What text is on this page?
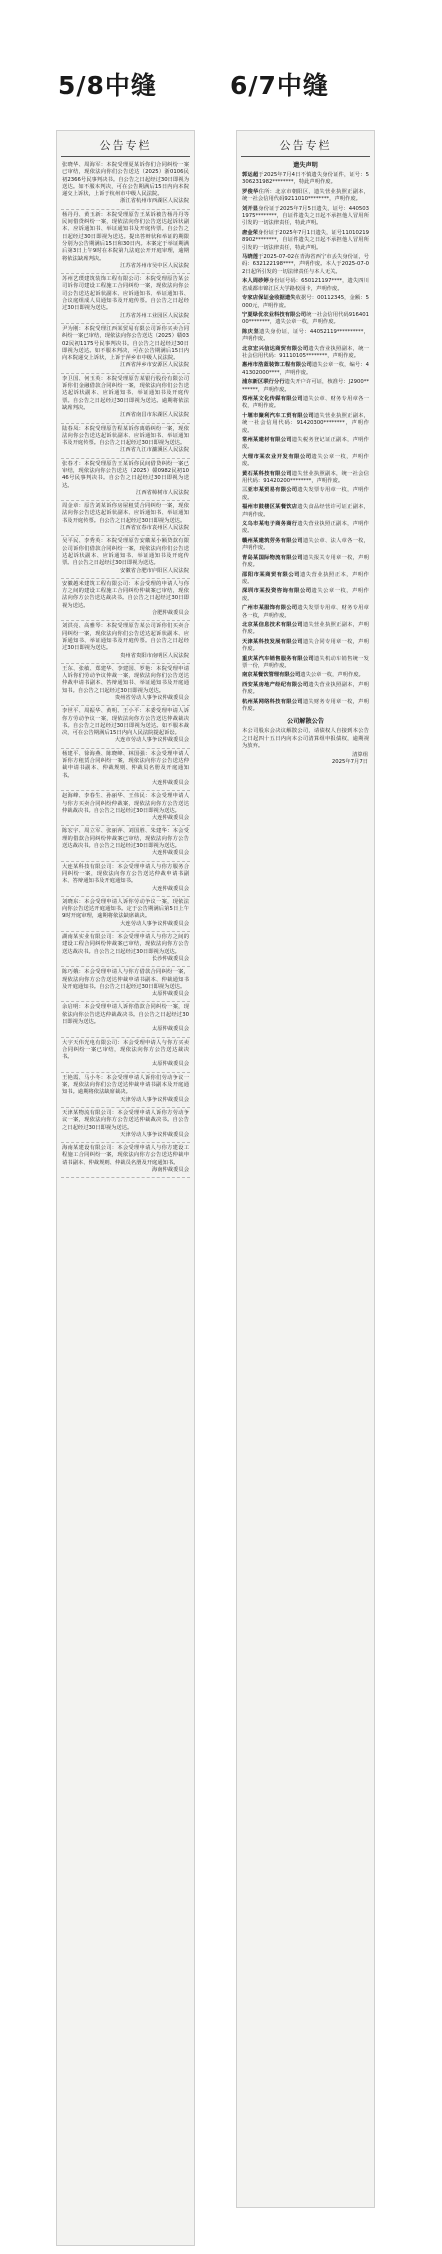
5/8中缝	6/7中缝
公告专栏
张晓华、周海军：本院受理夏某诉你们合同纠纷一案已审结，现依法向你们公告送达（2025）浙0106民初2366号民事判决书。自公告之日起经过30日即视为送达。如不服本判决，可在公告期满后15日内向本院递交上诉状，上诉于杭州市中级人民法院。
浙江省杭州市西湖区人民法院
杨丹丹、黄玉新：本院受理原告王某诉被告杨丹丹等民间借贷纠纷一案，现依法向你们公告送达起诉状副本、应诉通知书、举证通知书及开庭传票。自公告之日起经过30日即视为送达。提出答辩状和举证的期限分别为公告期满后15日和30日内。本案定于举证期满后第3日上午9时在本院第九法庭公开开庭审理，逾期将依法缺席判决。
江苏省苏州市吴中区人民法院
苏州艺璞建筑装饰工程有限公司：本院受理原告某公司诉你司建设工程施工合同纠纷一案，现依法向你公司公告送达起诉状副本、应诉通知书、举证通知书、合议庭组成人员通知书及开庭传票。自公告之日起经过30日即视为送达。
江苏省苏州工业园区人民法院
尹为刚：本院受理江西某贸易有限公司诉你买卖合同纠纷一案已审结，现依法向你公告送达（2025）赣0302民初1175号民事判决书。自公告之日起经过30日即视为送达。如不服本判决，可在公告期满后15日内向本院递交上诉状，上诉于萍乡市中级人民法院。
江西省萍乡市安源区人民法院
李卫国、何玉英：本院受理原告某银行股份有限公司诉你们金融借款合同纠纷一案，现依法向你们公告送达起诉状副本、应诉通知书、举证通知书及开庭传票。自公告之日起经过30日即视为送达。逾期将依法缺席判决。
江西省南昌市东湖区人民法院
陆春凤：本院受理原告程某诉你离婚纠纷一案，现依法向你公告送达起诉状副本、应诉通知书、举证通知书及开庭传票。自公告之日起经过30日即视为送达。
江西省九江市濂溪区人民法院
张春才：本院受理原告王某诉你民间借贷纠纷一案已审结，现依法向你公告送达（2025）赣0982民初1046号民事判决书。自公告之日起经过30日即视为送达。
江西省樟树市人民法院
周金章：原告刘某诉你房屋租赁合同纠纷一案，现依法向你公告送达起诉状副本、应诉通知书、举证通知书及开庭传票。自公告之日起经过30日即视为送达。
江西省宜春市袁州区人民法院
吴平民、李秀英：本院受理原告安徽某小额贷款有限公司诉你们借款合同纠纷一案，现依法向你们公告送达起诉状副本、应诉通知书、举证通知书及开庭传票。自公告之日起经过30日即视为送达。
安徽省合肥市庐阳区人民法院
安徽越米建筑工程有限公司：本会受理的申请人与你方之间的建设工程施工合同纠纷仲裁案已审结，现依法向你方公告送达裁决书。自公告之日起经过30日即视为送达。
合肥仲裁委员会
刘洪亮、高雅琴：本院受理原告某公司诉你们买卖合同纠纷一案，现依法向你们公告送达起诉状副本、应诉通知书、举证通知书及开庭传票。自公告之日起经过30日即视为送达。
贵州省贵阳市南明区人民法院
王东、张敏、郑建华、李建国、罗艳：本院受理申请人诉你们劳动争议仲裁一案，现依法向你们公告送达仲裁申请书副本、答辩通知书、举证通知书及开庭通知书。自公告之日起经过30日即视为送达。
贵州省劳动人事争议仲裁委员会
李世平、周振华、黄明、王小平：本委受理申请人诉你方劳动争议一案，现依法向你方公告送达仲裁裁决书。自公告之日起经过30日即视为送达。如不服本裁决，可在公告期满后15日内向人民法院提起诉讼。
大连市劳动人事争议仲裁委员会
杨建平、徐海燕、陈晓峰、林国强：本会受理申请人诉你方租赁合同纠纷一案，现依法向你方公告送达仲裁申请书副本、仲裁规则、仲裁员名册及开庭通知书。
大连仲裁委员会
赵海峰、李春生、孙丽华、王伟民：本会受理申请人与你方买卖合同纠纷仲裁案，现依法向你方公告送达仲裁裁决书。自公告之日起经过30日即视为送达。
大连仲裁委员会
陈宏宇、周立军、张丽萍、刘国胜、朱建华：本会受理的借款合同纠纷仲裁案已审结，现依法向你方公告送达裁决书。自公告之日起经过30日即视为送达。
大连仲裁委员会
大连某科技有限公司：本会受理申请人与你方服务合同纠纷一案，现依法向你方公告送达仲裁申请书副本、答辩通知书及开庭通知书。
大连仲裁委员会
刘晓东：本会受理申请人诉你劳动争议一案，现依法向你公告送达开庭通知书。定于公告期满后第5日上午9时开庭审理，逾期将依法缺席裁决。
大连劳动人事争议仲裁委员会
湖南某实业有限公司：本会受理申请人与你方之间的建设工程合同纠纷仲裁案已审结，现依法向你方公告送达裁决书。自公告之日起经过30日即视为送达。
长沙仲裁委员会
陈巧娥：本会受理申请人与你方借款合同纠纷一案，现依法向你方公告送达仲裁申请书副本、仲裁通知书及开庭通知书。自公告之日起经过30日即视为送达。
太原仲裁委员会
余启明：本会受理申请人诉你借款合同纠纷一案，现依法向你公告送达仲裁裁决书。自公告之日起经过30日即视为送达。
太原仲裁委员会
大宇天伟光电有限公司：本会受理申请人与你方买卖合同纠纷一案已审结，现依法向你方公告送达裁决书。
太原仲裁委员会
王艳霞、马小冬：本会受理申请人诉你们劳动争议一案，现依法向你们公告送达仲裁申请书副本及开庭通知书。逾期将依法缺席裁决。
天津劳动人事争议仲裁委员会
天津某物流有限公司：本会受理申请人诉你方劳动争议一案，现依法向你方公告送达仲裁裁决书。自公告之日起经过30日即视为送达。
天津劳动人事争议仲裁委员会
海南某建设有限公司：本会受理申请人与你方建设工程施工合同纠纷一案，现依法向你方公告送达仲裁申请书副本、仲裁规则、仲裁员名册及开庭通知书。
海南仲裁委员会
公告专栏
遗失声明
郭运超于2025年7月4日不慎遗失身份证件，证号：5306231982********，特此声明作废。
罗俊华住所：北京市朝阳区，遗失营业执照正副本，统一社会信用代码9211010********，声明作废。
刘开显身份证于2025年7月5日遗失，证号：4405031975********，自证件遗失之日起不承担他人冒用所引发的一切法律责任，特此声明。
唐金荣身份证于2025年7月1日遗失，证号110102198902********，自证件遗失之日起不承担他人冒用所引发的一切法律责任，特此声明。
马晓莲于2025-07-02在青海省西宁市丢失身份证，号码：632122198****，声明作废。本人于2025-07-02日起所引发的一切法律责任与本人无关。
本人周砂婷身份证号码：650121197****，遗失四川省成都市锦江区大学路校园卡，声明作废。
专家店保证金收据遗失收据号：00112345，金额：5000元，声明作废。
宁夏绿优农业科技有限公司统一社会信用代码91640100********，遗失公章一枚，声明作废。
陈庆坚遗失身份证，证号：44052119**********，声明作废。
北京宏兴信达商贸有限公司遗失营业执照副本，统一社会信用代码：91110105********，声明作废。
惠州市浩蓝装饰工程有限公司遗失公章一枚，编号：441302000****，声明作废。
浦东新区联行分行遗失开户许可证，核准号：J2900********，声明作废。
郑州某文化传媒有限公司遗失公章、财务专用章各一枚，声明作废。
十堰市聚利汽车工贸有限公司遗失营业执照正副本，统一社会信用代码：91420300********，声明作废。
常州某建材有限公司遗失税务登记证正副本，声明作废。
大理市某农业开发有限公司遗失公章一枚，声明作废。
黄石某科技有限公司遗失营业执照副本，统一社会信用代码：91420200********，声明作废。
三亚市某贸易有限公司遗失发票专用章一枚，声明作废。
福州市鼓楼区某餐饮店遗失食品经营许可证正副本，声明作废。
义乌市某电子商务商行遗失营业执照正副本，声明作废。
赣州某建筑劳务有限公司遗失公章、法人章各一枚，声明作废。
青岛某国际物流有限公司遗失报关专用章一枚，声明作废。
邵阳市某商贸有限公司遗失营业执照正本，声明作废。
深圳市某投资咨询有限公司遗失公章一枚，声明作废。
广州市某服饰有限公司遗失发票专用章、财务专用章各一枚，声明作废。
北京某信息技术有限公司遗失营业执照正副本，声明作废。
天津某科技发展有限公司遗失合同专用章一枚，声明作废。
重庆某汽车销售服务有限公司遗失机动车销售统一发票一份，声明作废。
南京某餐饮管理有限公司遗失公章一枚，声明作废。
西安某房地产经纪有限公司遗失营业执照副本，声明作废。
杭州某网络科技有限公司遗失财务专用章一枚，声明作废。
公司解散公告
本公司股东会决议解散公司，请债权人自接到本公告之日起四十五日内向本公司清算组申报债权，逾期视为放弃。
清算组
2025年7月7日
